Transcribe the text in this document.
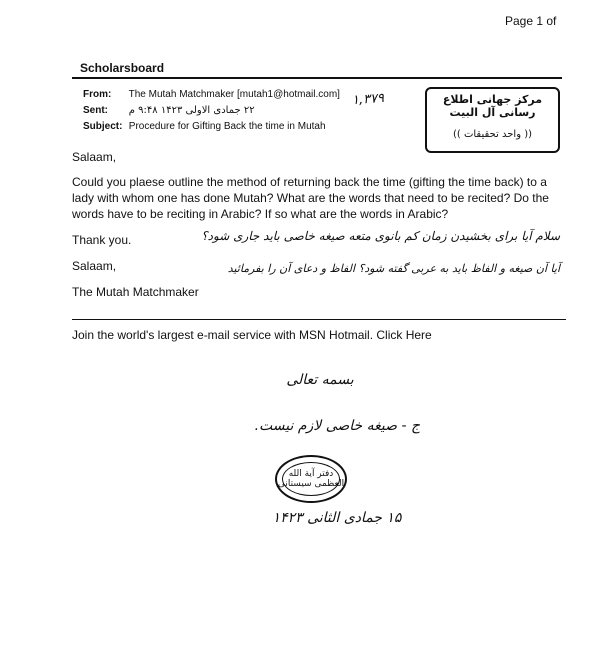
Page 1 of
Scholarsboard
From: The Mutah Matchmaker [mutah1@hotmail.com]
Sent: ۲۲ جمادی الاولی ۱۴۲۳ ۹:۴۸ م
Subject: Procedure for Gifting Back the time in Mutah
۱,۳۷۹	مرکز جهانی اطلاع رسانی آل البیت
(( واحد تحقیقات ))
Salaam,
Could you plaese outline the method of returning back the time (gifting the time back) to a lady with whom one has done Mutah? What are the words that need to be recited? Do the words have to be reciting in Arabic? If so what are the words in Arabic?
Thank you.
Salaam,
The Mutah Matchmaker
سلام آیا برای بخشیدن زمان کم بانوی متعه صیغه خاصی باید جاری شود؟
آیا آن صیغه و الفاظ باید به عربی گفته شود؟ الفاظ و دعای آن را بفرمائید
Join the world's largest e-mail service with MSN Hotmail. Click Here
بسمه تعالی
ج - صیغه خاصی لازم نیست.
دفتر آیة الله العظمی سیستانی
۱۵ جمادی الثانی ۱۴۲۳
